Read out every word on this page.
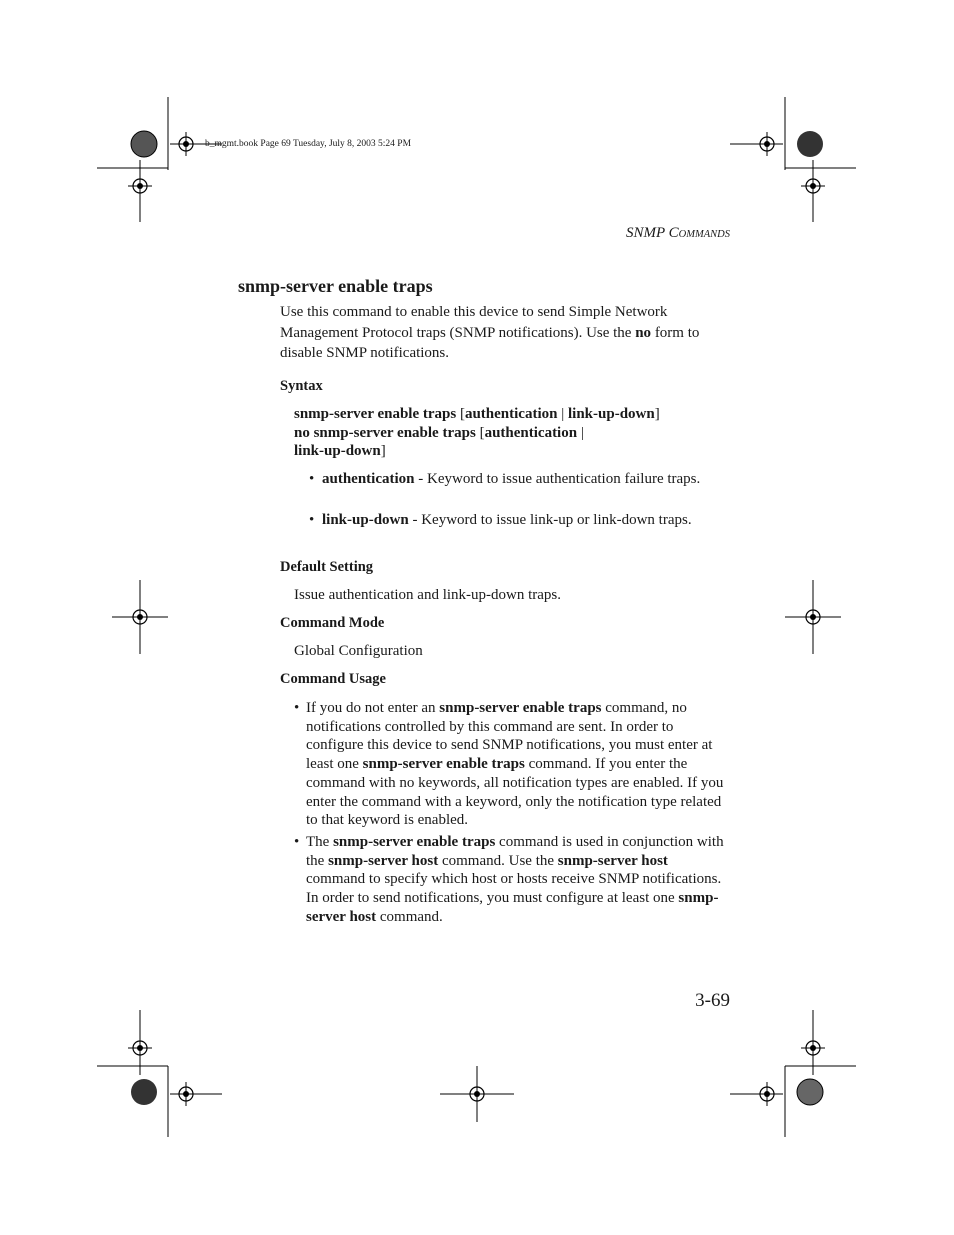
b_mgmt.book Page 69 Tuesday, July 8, 2003 5:24 PM
SNMP COMMANDS
snmp-server enable traps
Use this command to enable this device to send Simple Network Management Protocol traps (SNMP notifications). Use the no form to disable SNMP notifications.
Syntax
snmp-server enable traps [authentication | link-up-down]
no snmp-server enable traps [authentication |
link-up-down]
• authentication - Keyword to issue authentication failure traps.
• link-up-down - Keyword to issue link-up or link-down traps.
Default Setting
Issue authentication and link-up-down traps.
Command Mode
Global Configuration
Command Usage
• If you do not enter an snmp-server enable traps command, no notifications controlled by this command are sent. In order to configure this device to send SNMP notifications, you must enter at least one snmp-server enable traps command. If you enter the command with no keywords, all notification types are enabled. If you enter the command with a keyword, only the notification type related to that keyword is enabled.
• The snmp-server enable traps command is used in conjunction with the snmp-server host command. Use the snmp-server host command to specify which host or hosts receive SNMP notifications. In order to send notifications, you must configure at least one snmp-server host command.
3-69
